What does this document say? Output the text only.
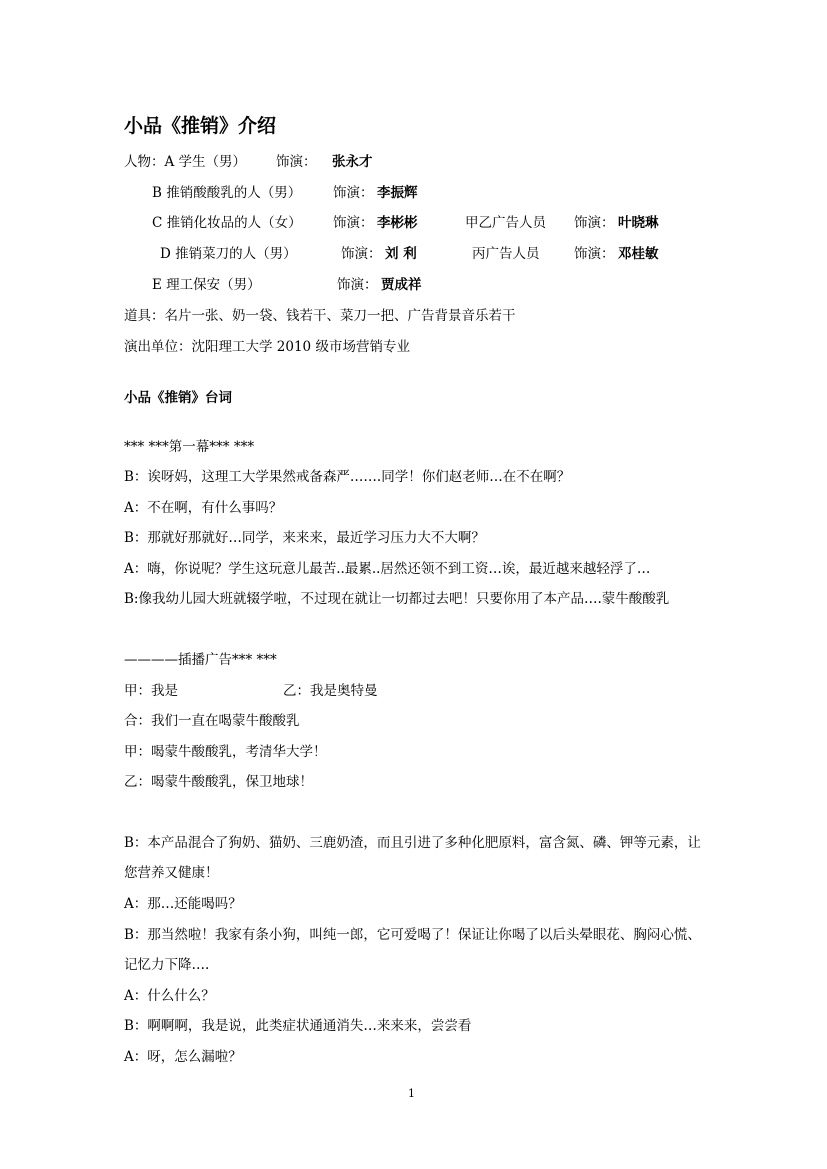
小品《推销》介绍
人物：A 学生（男） 饰演： 张永才
B 推销酸酸乳的人（男） 饰演： 李振辉
C 推销化妆品的人（女） 饰演： 李彬彬	甲乙广告人员 饰演： 叶晓琳
D 推销菜刀的人（男）	饰演： 刘 利	丙广告人员	饰演： 邓桂敏
E 理工保安（男）	饰演： 贾成祥
道具：名片一张、奶一袋、钱若干、菜刀一把、广告背景音乐若干
演出单位：沈阳理工大学 2010 级市场营销专业
小品《推销》台词
*** ***第一幕*** ***
B：诶呀妈，这理工大学果然戒备森严…….同学！你们赵老师…在不在啊？
A：不在啊，有什么事吗？
B：那就好那就好…同学，来来来，最近学习压力大不大啊？
A：嗨，你说呢？学生这玩意儿最苦..最累..居然还领不到工资…诶，最近越来越轻浮了…
B:像我幼儿园大班就辍学啦，不过现在就让一切都过去吧！只要你用了本产品….蒙牛酸酸乳
————插播广告*** ***
甲：我是	乙：我是奥特曼
合：我们一直在喝蒙牛酸酸乳
甲：喝蒙牛酸酸乳，考清华大学！
乙：喝蒙牛酸酸乳，保卫地球！
B：本产品混合了狗奶、猫奶、三鹿奶渣，而且引进了多种化肥原料，富含氮、磷、钾等元素，让您营养又健康！
A：那…还能喝吗？
B：那当然啦！我家有条小狗，叫纯一郎，它可爱喝了！保证让你喝了以后头晕眼花、胸闷心慌、记忆力下降….
A：什么什么？
B：啊啊啊，我是说，此类症状通通消失…来来来，尝尝看
A：呀，怎么漏啦？
1
